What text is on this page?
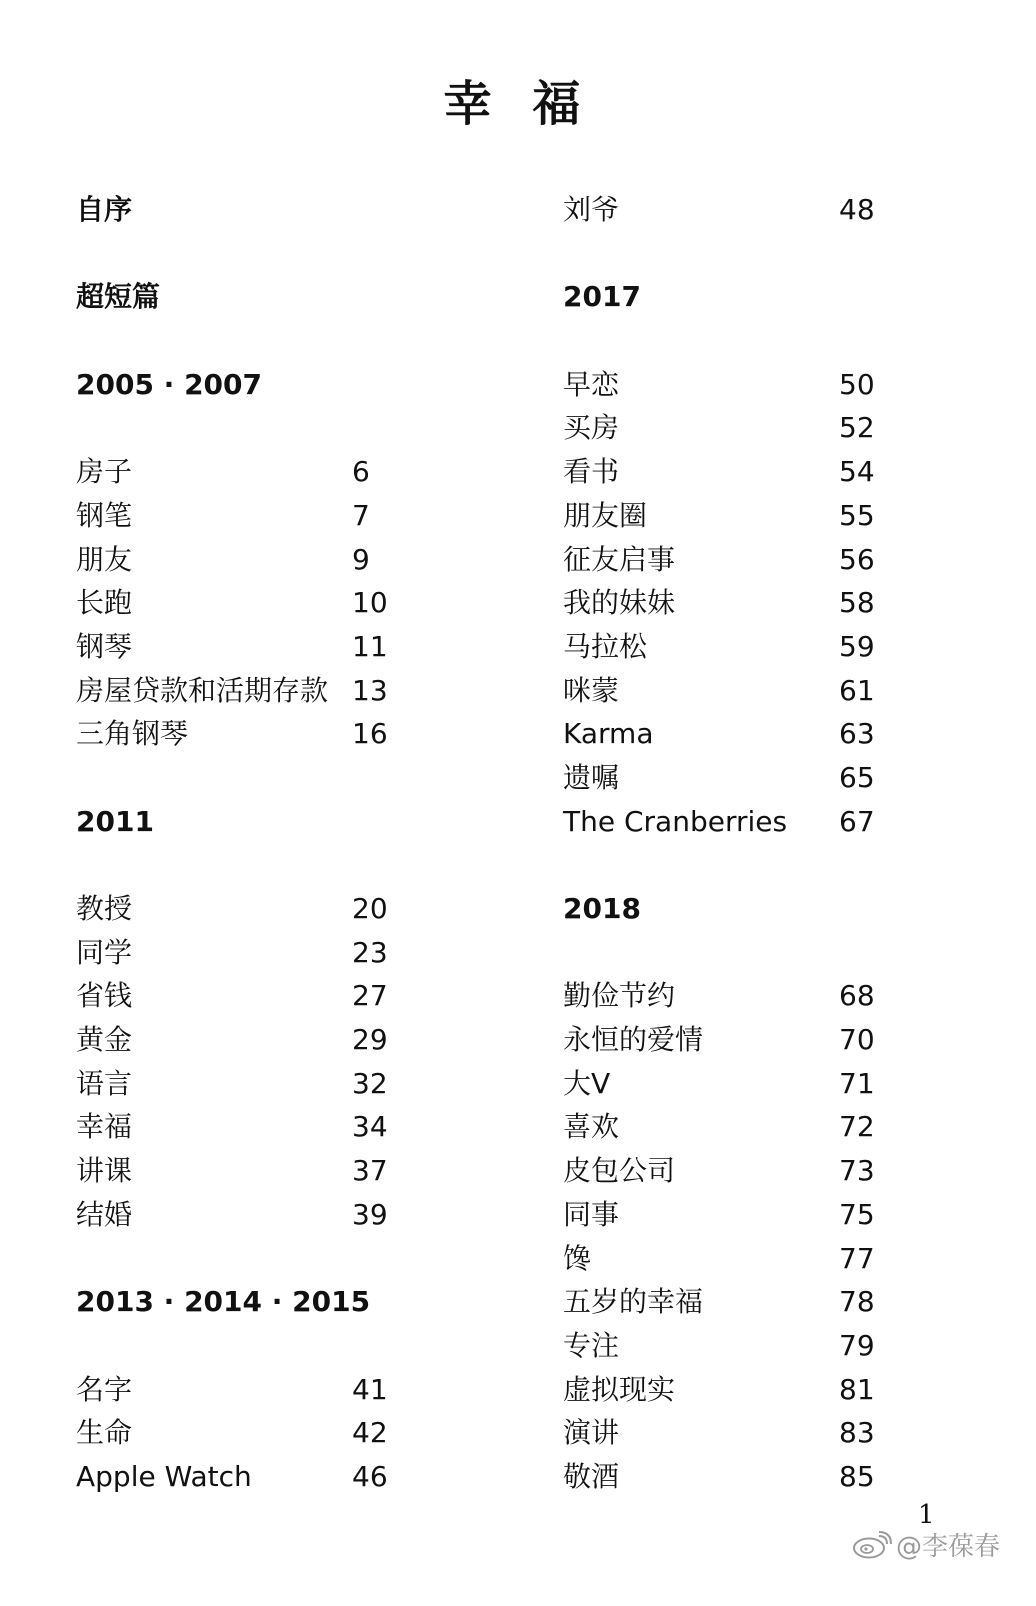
幸 福
自序
超短篇
2005 · 2007
房子	6
钢笔	7
朋友	9
长跑	10
钢琴	11
房屋贷款和活期存款 13
三角钢琴	16
2011
教授	20
同学	23
省钱	27
黄金	29
语言	32
幸福	34
讲课	37
结婚	39
2013 · 2014 · 2015
名字	41
生命	42
Apple Watch	46
刘爷	48
2017
早恋	50
买房	52
看书	54
朋友圈	55
征友启事	56
我的妹妹	58
马拉松	59
咪蒙	61
Karma	63
遗嘱	65
The Cranberries 67
2018
勤俭节约	68
永恒的爱情	70
大V	71
喜欢	72
皮包公司	73
同事	75
馋	77
五岁的幸福	78
专注	79
虚拟现实	81
演讲	83
敬酒	85
1
@李葆春
